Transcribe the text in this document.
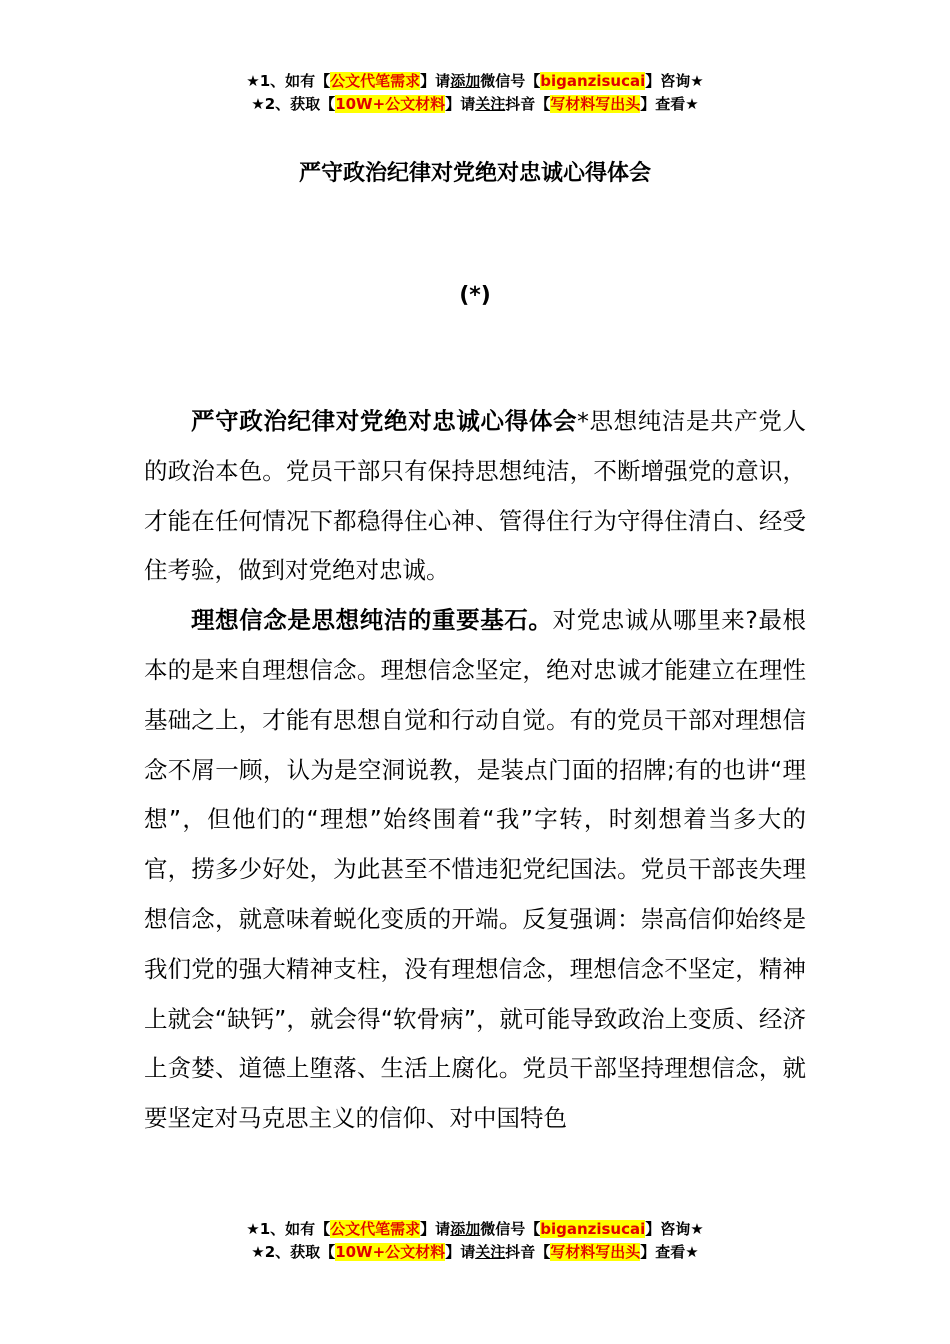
★1、如有【公文代笔需求】请添加微信号【biganzisucai】咨询★
★2、获取【10W+公文材料】请关注抖音【写材料写出头】查看★
严守政治纪律对党绝对忠诚心得体会
(*)

严守政治纪律对党绝对忠诚心得体会*思想纯洁是共产党人的政治本色。党员干部只有保持思想纯洁，不断增强党的意识，才能在任何情况下都稳得住心神、管得住行为守得住清白、经受住考验，做到对党绝对忠诚。

理想信念是思想纯洁的重要基石。对党忠诚从哪里来?最根本的是来自理想信念。理想信念坚定，绝对忠诚才能建立在理性基础之上，才能有思想自觉和行动自觉。有的党员干部对理想信念不屑一顾，认为是空洞说教，是装点门面的招牌;有的也讲“理想”，但他们的“理想”始终围着“我”字转，时刻想着当多大的官，捞多少好处，为此甚至不惜违犯党纪国法。党员干部丧失理想信念，就意味着蜕化变质的开端。反复强调：崇高信仰始终是我们党的强大精神支柱，没有理想信念，理想信念不坚定，精神上就会“缺钙”，就会得“软骨病”，就可能导致政治上变质、经济上贪婪、道德上堕落、生活上腐化。党员干部坚持理想信念，就要坚定对马克思主义的信仰、对中国特色

★1、如有【公文代笔需求】请添加微信号【biganzisucai】咨询★
★2、获取【10W+公文材料】请关注抖音【写材料写出头】查看★
